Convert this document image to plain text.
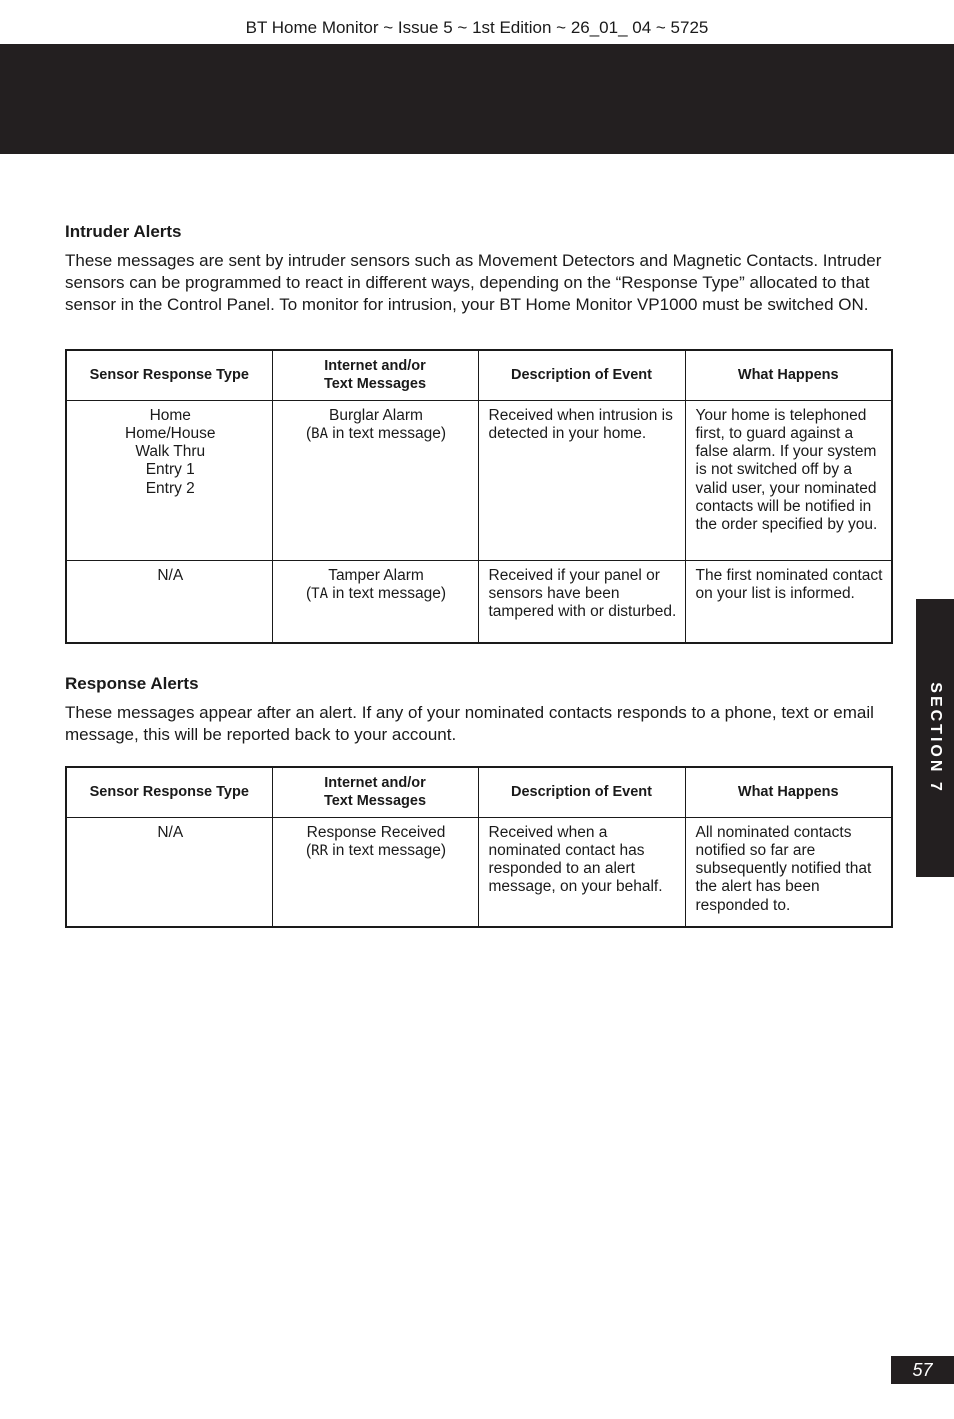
BT Home Monitor ~ Issue 5 ~ 1st Edition ~ 26_01_ 04 ~ 5725
SECTION 7
Intruder Alerts

These messages are sent by intruder sensors such as Movement Detectors and Magnetic Contacts. Intruder sensors can be programmed to react in different ways, depending on the “Response Type” allocated to that sensor in the Control Panel. To monitor for intrusion, your BT Home Monitor VP1000 must be switched ON.

Sensor Response Type	Internet and/or
Text Messages	Description of Event	What Happens

Home
Home/House
Walk Thru
Entry 1
Entry 2	Burglar Alarm
(BA in text message)	Received when intrusion is detected in your home.	Your home is telephoned first, to guard against a false alarm. If your system is not switched off by a valid user, your nominated contacts will be notified in the order specified by you.

N/A	Tamper Alarm
(TA in text message)	Received if your panel or sensors have been tampered with or disturbed.	The first nominated contact on your list is informed.
Response Alerts

These messages appear after an alert. If any of your nominated contacts responds to a phone, text or email message, this will be reported back to your account.

Sensor Response Type	Internet and/or
Text Messages	Description of Event	What Happens

N/A	Response Received
(RR in text message)	Received when a nominated contact has responded to an alert message, on your behalf.	All nominated contacts notified so far are subsequently notified that the alert has been responded to.
57
